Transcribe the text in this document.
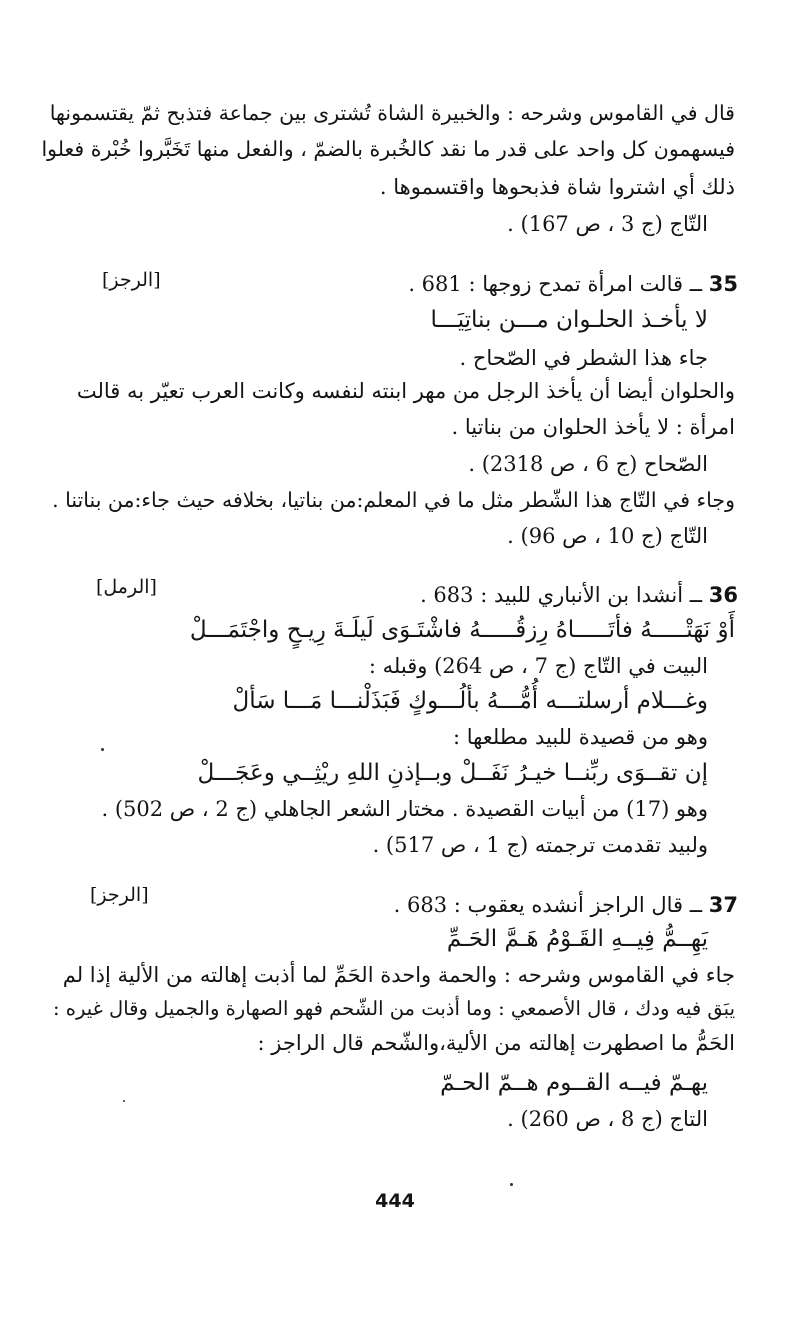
قال في القاموس وشرحه : والخبيرة الشاة تُشترى بين جماعة فتذبح ثمّ يقتسمونها
فيسهمون كل واحد على قدر ما نقد كالخُبرة بالضمّ ، والفعل منها تَخَبَّروا خُبْرة فعلوا
ذلك أي اشتروا شاة فذبحوها واقتسموها .
التّاج (ج 3 ، ص 167) .
35 ــ قالت امرأة تمدح زوجها : 681 .
[الرجز]
لا يأخـذ الحلـوان مـــن بناتِيَـــا
جاء هذا الشطر في الصّحاح .
والحلوان أيضا أن يأخذ الرجل من مهر ابنته لنفسه وكانت العرب تعيّر به قالت
امرأة : لا يأخذ الحلوان من بناتيا .
الصّحاح (ج 6 ، ص 2318) .
وجاء في التّاج هذا الشّطر مثل ما في المعلم:من بناتيا، بخلافه حيث جاء:من بناتنا .
التّاج (ج 10 ، ص 96) .
36 ــ أنشدا بن الأنباري للبيد : 683 .
[الرمل]
أَوْ نَهَتْـــــهُ فأتَـــــاهُ رِزقُـــــهُ فاشْتَـوَى لَيلَـةَ رِيـحٍ واجْتَمَـــلْ
البيت في التّاج (ج 7 ، ص 264) وقبله :
وغـــلام أرسلتـــه أُمُّـــهُ بألُـــوكٍ فَبَذَلْنـــا مَـــا سَألْ
وهو من قصيدة للبيد مطلعها :
إن تقــوَى ربِّنــا خيـرُ نَفَــلْ وبــإذنِ اللهِ ريْثِــي وعَجَـــلْ
وهو (17) من أبيات القصيدة . مختار الشعر الجاهلي (ج 2 ، ص 502) .
ولبيد تقدمت ترجمته (ج 1 ، ص 517) .
37 ــ قال الراجز أنشده يعقوب : 683 .
[الرجز]
يَهِــمُّ فِيــهِ القَـوْمُ هَـمَّ الحَـمِّ
جاء في القاموس وشرحه : والحمة واحدة الحَمِّ لما أذبت إهالته من الألية إذا لم
يبَق فيه ودك ، قال الأصمعي : وما أذبت من الشّحم فهو الصهارة والجميل وقال غيره :
الحَمُّ ما اصطهرت إهالته من الألية،والشّحم قال الراجز :
يهـمّ فيــه القــوم هــمّ الحـمّ
التاج (ج 8 ، ص 260) .
444
